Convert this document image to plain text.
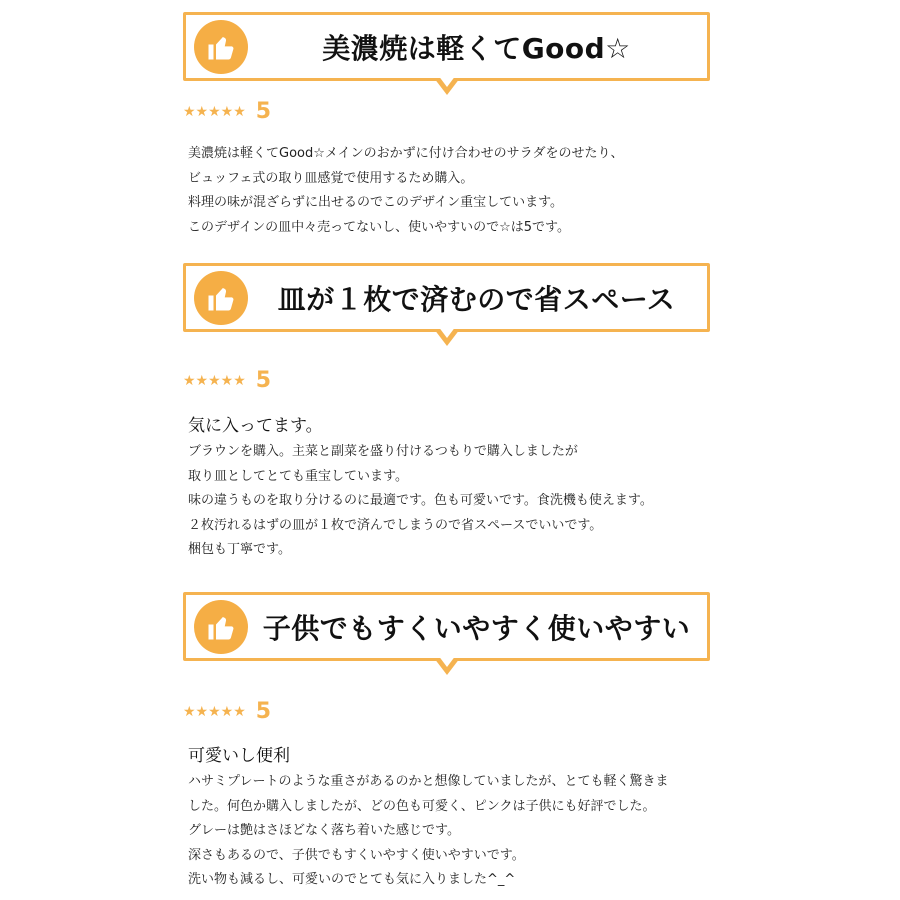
美濃焼は軽くてGood☆
★★★★★ 5
美濃焼は軽くてGood☆メインのおかずに付け合わせのサラダをのせたり、
ビュッフェ式の取り皿感覚で使用するため購入。
料理の味が混ざらずに出せるのでこのデザイン重宝しています。
このデザインの皿中々売ってないし、使いやすいので☆は5です。
皿が１枚で済むので省スペース
★★★★★ 5
気に入ってます。
ブラウンを購入。主菜と副菜を盛り付けるつもりで購入しましたが
取り皿としてとても重宝しています。
味の違うものを取り分けるのに最適です。色も可愛いです。食洗機も使えます。
２枚汚れるはずの皿が１枚で済んでしまうので省スペースでいいです。
梱包も丁寧です。
子供でもすくいやすく使いやすい
★★★★★ 5
可愛いし便利
ハサミプレートのような重さがあるのかと想像していましたが、とても軽く驚きま
した。何色か購入しましたが、どの色も可愛く、ピンクは子供にも好評でした。
グレーは艶はさほどなく落ち着いた感じです。
深さもあるので、子供でもすくいやすく使いやすいです。
洗い物も減るし、可愛いのでとても気に入りました^_^
